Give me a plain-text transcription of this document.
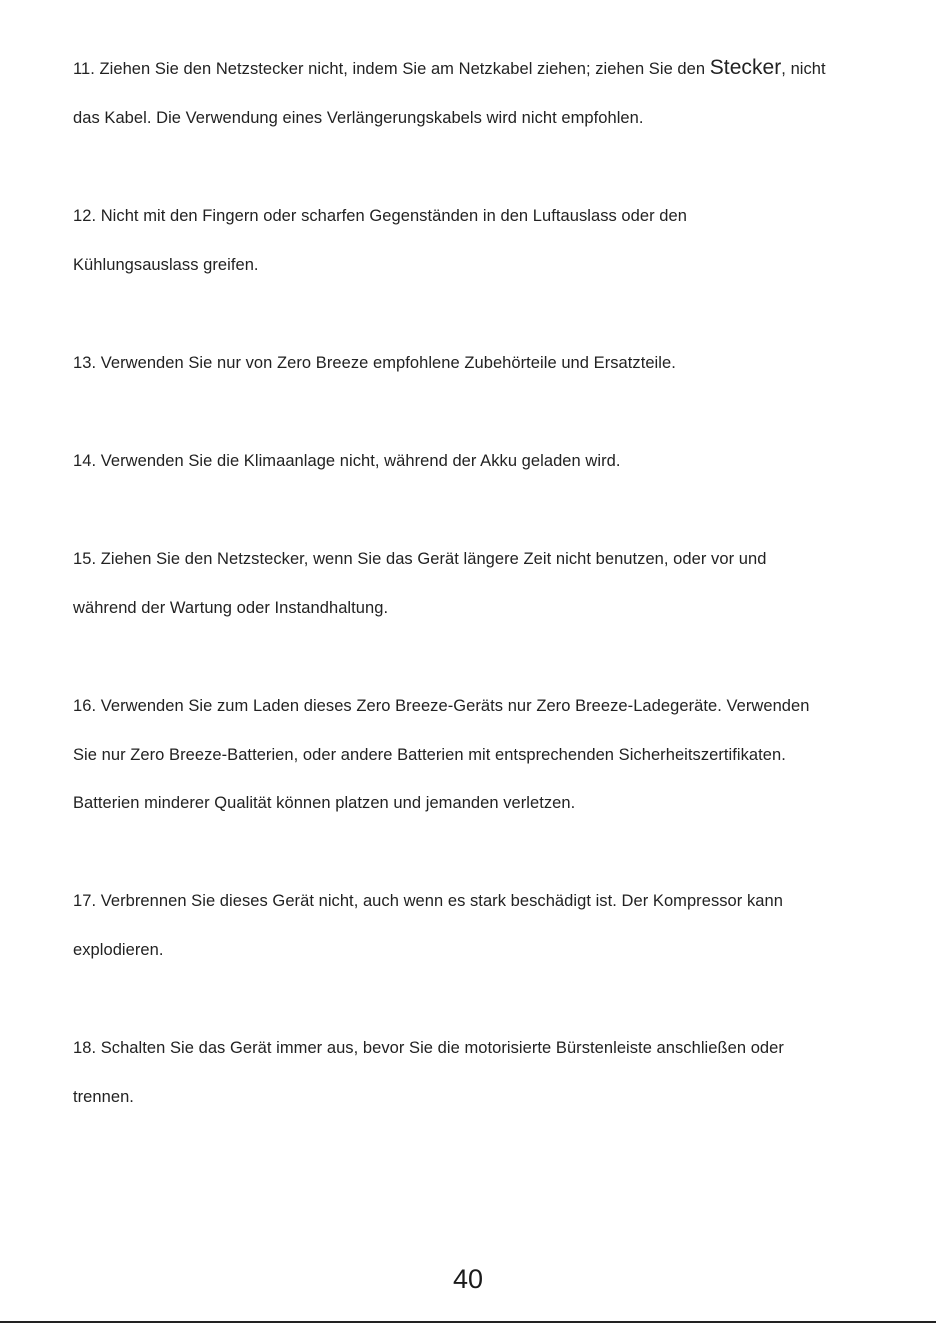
11. Ziehen Sie den Netzstecker nicht, indem Sie am Netzkabel ziehen; ziehen Sie den Stecker, nicht
das Kabel. Die Verwendung eines Verlängerungskabels wird nicht empfohlen.
12. Nicht mit den Fingern oder scharfen Gegenständen in den Luftauslass oder den
Kühlungsauslass greifen.
13. Verwenden Sie nur von Zero Breeze empfohlene Zubehörteile und Ersatzteile.
14. Verwenden Sie die Klimaanlage nicht, während der Akku geladen wird.
15. Ziehen Sie den Netzstecker, wenn Sie das Gerät längere Zeit nicht benutzen, oder vor und
während der Wartung oder Instandhaltung.
16. Verwenden Sie zum Laden dieses Zero Breeze-Geräts nur Zero Breeze-Ladegeräte. Verwenden
Sie nur Zero Breeze-Batterien, oder andere Batterien mit entsprechenden Sicherheitszertifikaten.
Batterien minderer Qualität können platzen und jemanden verletzen.
17. Verbrennen Sie dieses Gerät nicht, auch wenn es stark beschädigt ist. Der Kompressor kann
explodieren.
18. Schalten Sie das Gerät immer aus, bevor Sie die motorisierte Bürstenleiste anschließen oder
trennen.
40
